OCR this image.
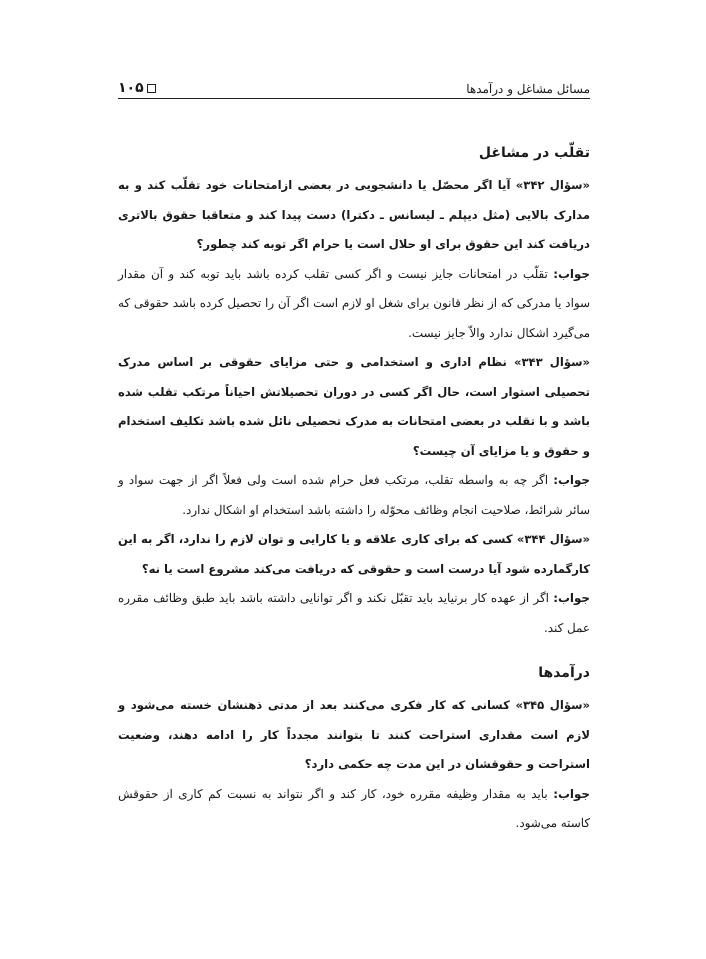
مسائل مشاغل و درآمدها
۱۰۵
تقلّب در مشاغل

«سؤال ۳۴۲» آیا اگر محصّل یا دانشجویی در بعضی ازامتحانات خود تقلّب کند و به مدارک بالایی (مثل دیپلم ـ لیسانس ـ دکترا) دست پیدا کند و متعاقبا حقوق بالاتری دریافت کند این حقوق برای او حلال است یا حرام اگر توبه کند چطور؟

جواب: تقلّب در امتحانات جایز نیست و اگر کسی تقلب کرده باشد باید توبه کند و آن مقدار سواد یا مدرکی که از نظر قانون برای شغل او لازم است اگر آن را تحصیل کرده باشد حقوقی که می‌گیرد اشکال ندارد والاّ جایز نیست.

«سؤال ۳۴۳» نظام اداری و استخدامی و حتی مزایای حقوقی بر اساس مدرک تحصیلی استوار است، حال اگر کسی در دوران تحصیلاتش احیاناً مرتکب تقلب شده باشد و با تقلب در بعضی امتحانات به مدرک تحصیلی نائل شده باشد تکلیف استخدام و حقوق و یا مزایای آن چیست؟

جواب: اگر چه به واسطه تقلب، مرتکب فعل حرام شده است ولی فعلاً اگر از جهت سواد و سائر شرائط، صلاحیت انجام وظائف محوّله را داشته باشد استخدام او اشکال ندارد.

«سؤال ۳۴۴» کسی که برای کاری علاقه و یا کارایی و توان لازم را ندارد، اگر به این کارگمارده شود آیا درست است و حقوقی که دریافت می‌کند مشروع است یا نه؟

جواب: اگر از عهده کار برنیاید باید تقبّل نکند و اگر توانایی داشته باشد باید طبق وظائف مقرره عمل کند.

درآمدها

«سؤال ۳۴۵» کسانی که کار فکری می‌کنند بعد از مدتی ذهنشان خسته می‌شود و لازم است مقداری استراحت کنند تا بتوانند مجدداً کار را ادامه دهند، وضعیت استراحت و حقوقشان در این مدت چه حکمی دارد؟

جواب: باید به مقدار وظیفه مقرره خود، کار کند و اگر نتواند به نسبت کم کاری از حقوقش کاسته می‌شود.
